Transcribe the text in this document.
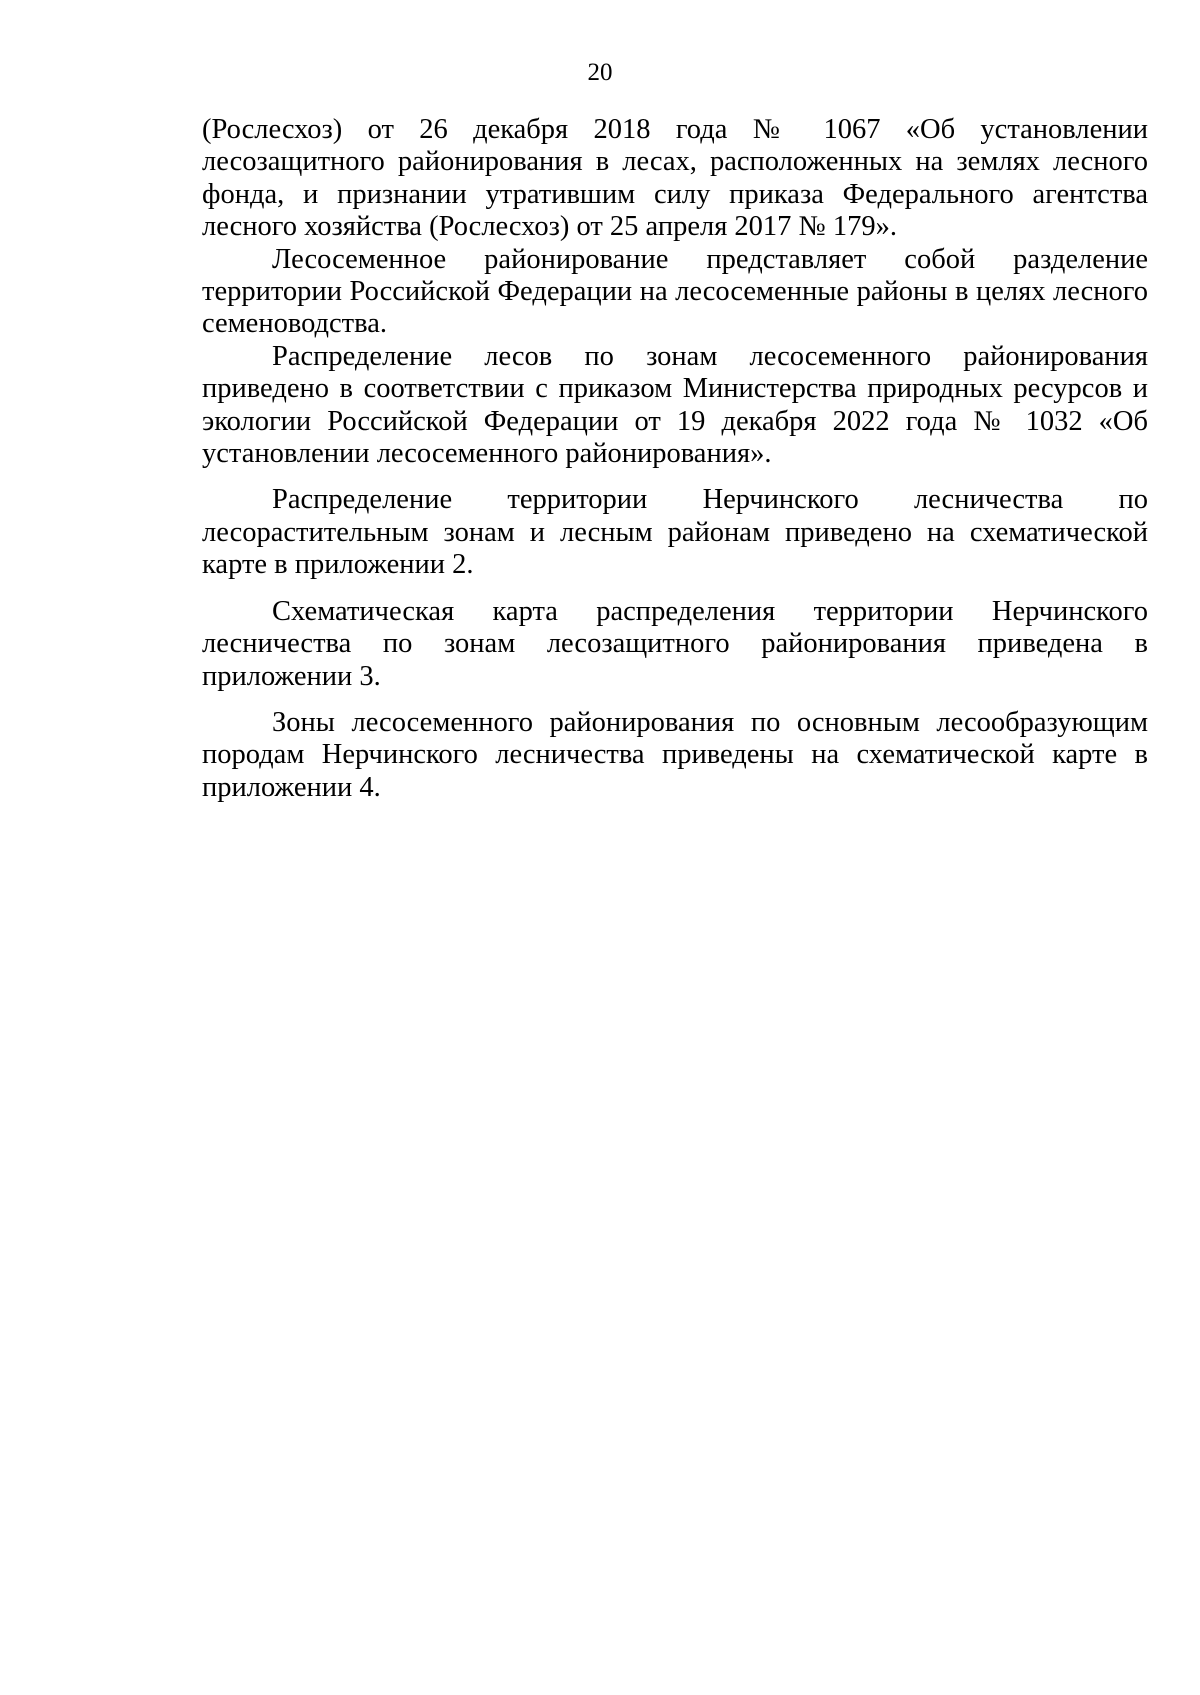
20

(Рослесхоз) от 26 декабря 2018 года № 1067 «Об установлении лесозащитного районирования в лесах, расположенных на землях лесного фонда, и признании утратившим силу приказа Федерального агентства лесного хозяйства (Рослесхоз) от 25 апреля 2017 № 179».

Лесосеменное районирование представляет собой разделение территории Российской Федерации на лесосеменные районы в целях лесного семеноводства.

Распределение лесов по зонам лесосеменного районирования приведено в соответствии с приказом Министерства природных ресурсов и экологии Российской Федерации от 19 декабря 2022 года № 1032 «Об установлении лесосеменного районирования».

Распределение территории Нерчинского лесничества по лесорастительным зонам и лесным районам приведено на схематической карте в приложении 2.

Схематическая карта распределения территории Нерчинского лесничества по зонам лесозащитного районирования приведена в приложении 3.

Зоны лесосеменного районирования по основным лесообразующим породам Нерчинского лесничества приведены на схематической карте в приложении 4.
